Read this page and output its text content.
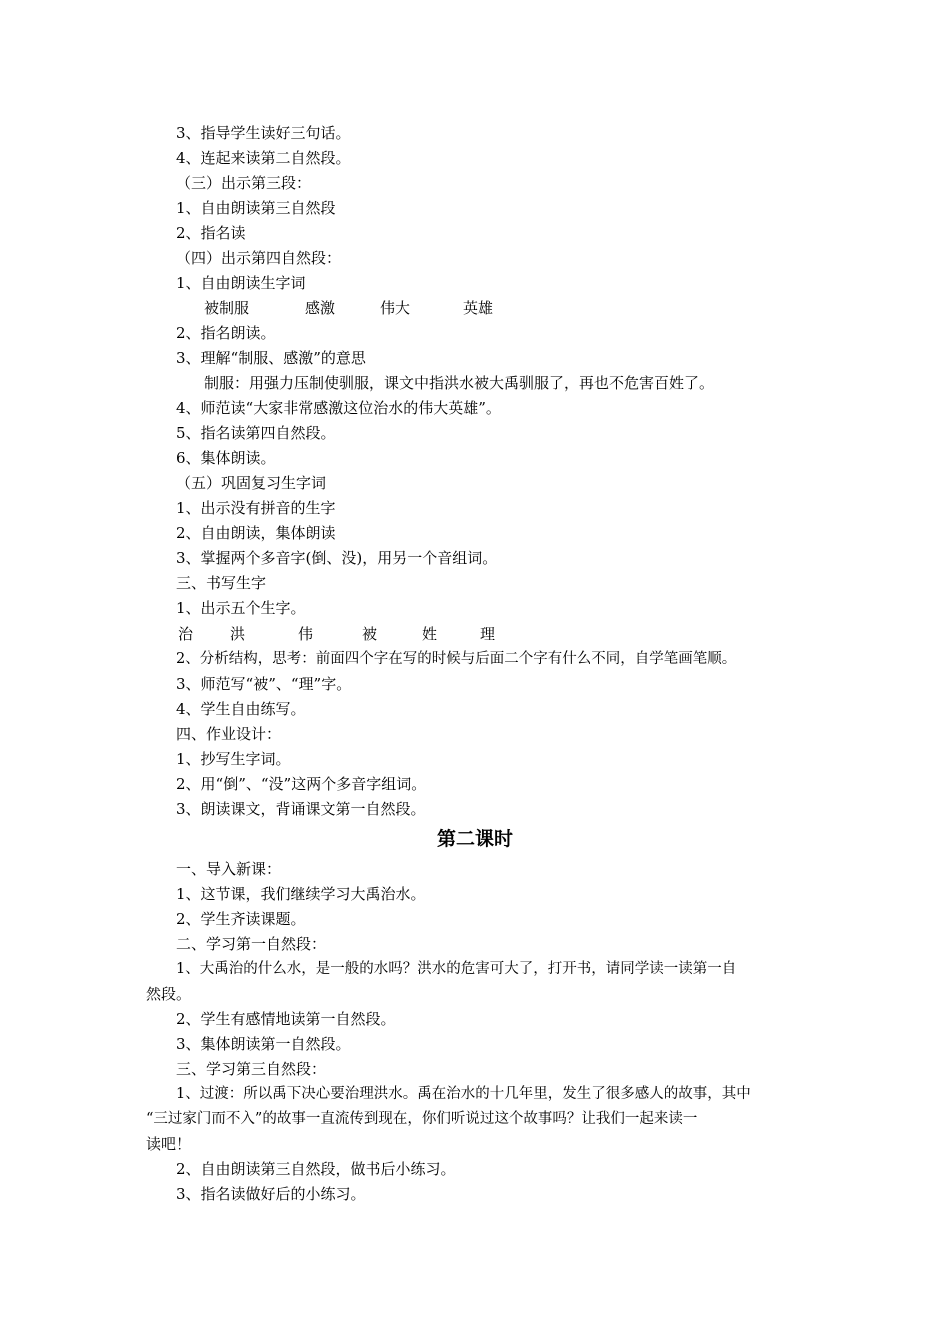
3、指导学生读好三句话。
4、连起来读第二自然段。
（三）出示第三段：
1、自由朗读第三自然段
2、指名读
（四）出示第四自然段：
1、自由朗读生字词
被制服	感激	伟大	英雄
2、指名朗读。
3、理解“制服、感激”的意思
制服：用强力压制使驯服，课文中指洪水被大禹驯服了，再也不危害百姓了。
4、师范读“大家非常感激这位治水的伟大英雄”。
5、指名读第四自然段。
6、集体朗读。
（五）巩固复习生字词
1、出示没有拼音的生字
2、自由朗读，集体朗读
3、掌握两个多音字(倒、没)，用另一个音组词。
三、书写生字
1、出示五个生字。
治 洪	伟	被	姓	理
2、分析结构，思考：前面四个字在写的时候与后面二个字有什么不同，自学笔画笔顺。
3、师范写“被”、“理”字。
4、学生自由练写。
四、作业设计：
1、抄写生字词。
2、用“倒”、“没”这两个多音字组词。
3、朗读课文，背诵课文第一自然段。
第二课时
一、导入新课：
1、这节课，我们继续学习大禹治水。
2、学生齐读课题。
二、学习第一自然段：
1、大禹治的什么水，是一般的水吗？洪水的危害可大了，打开书，请同学读一读第一自
然段。
2、学生有感情地读第一自然段。
3、集体朗读第一自然段。
三、学习第三自然段：
1、过渡：所以禹下决心要治理洪水。禹在治水的十几年里，发生了很多感人的故事，其中
“三过家门而不入”的故事一直流传到现在，你们听说过这个故事吗？让我们一起来读一
读吧！
2、自由朗读第三自然段，做书后小练习。
3、指名读做好后的小练习。
